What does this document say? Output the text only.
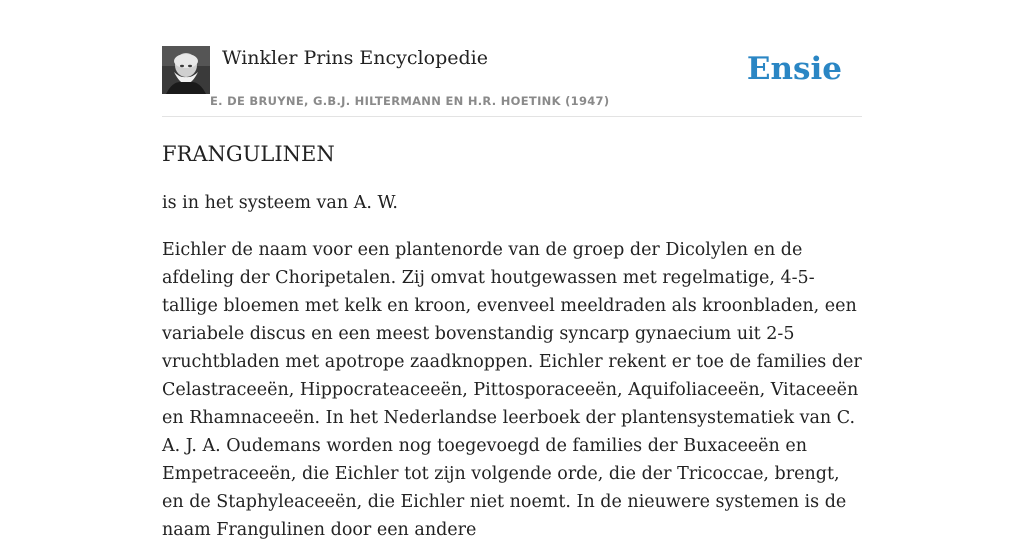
Winkler Prins Encyclopedie
E. DE BRUYNE, G.B.J. HILTERMANN EN H.R. HOETINK (1947)
Ensie
FRANGULINEN

is in het systeem van A. W.

Eichler de naam voor een plantenorde van de groep der Dicolylen en de afdeling der Choripetalen. Zij omvat houtgewassen met regelmatige, 4-5-tallige bloemen met kelk en kroon, evenveel meeldraden als kroonbladen, een variabele discus en een meest bovenstandig syncarp gynaecium uit 2-5 vruchtbladen met apotrope zaadknoppen. Eichler rekent er toe de families der Celastraceeën, Hippocrateaceeën, Pittosporaceeën, Aquifoliaceeën, Vitaceeën en Rhamnaceeën. In het Nederlandse leerboek der plantensystematiek van C. A. J. A. Oudemans worden nog toegevoegd de families der Buxaceeën en Empetraceeën, die Eichler tot zijn volgende orde, die der Tricoccae, brengt, en de Staphyleaceeën, die Eichler niet noemt. In de nieuwere systemen is de naam Frangulinen door een andere
